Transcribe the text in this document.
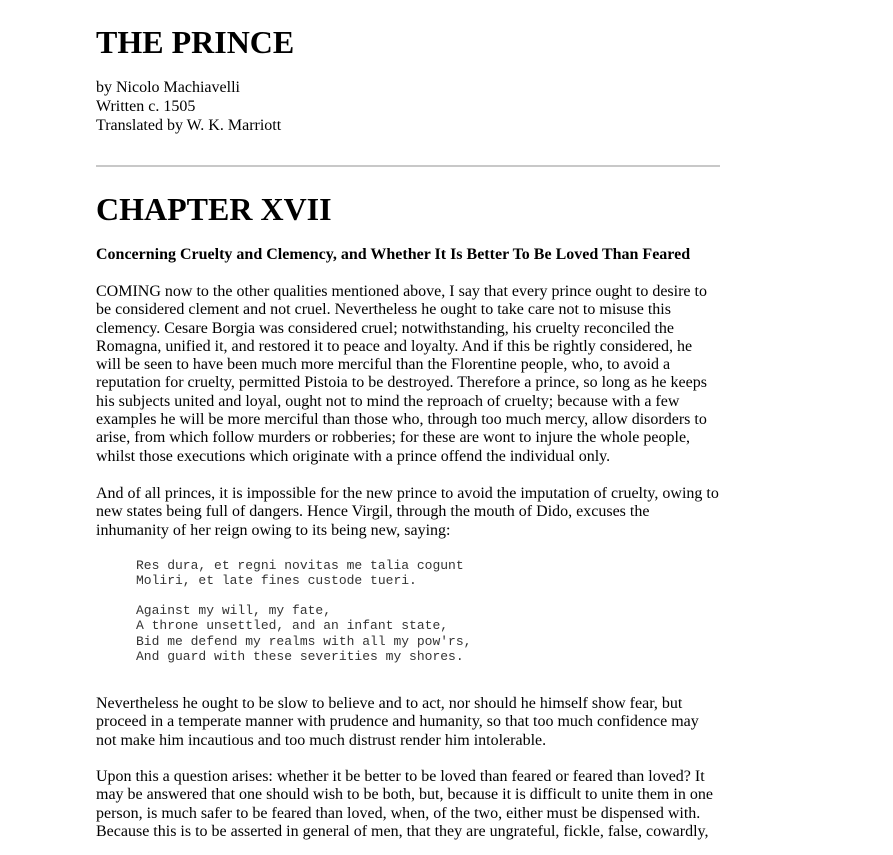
THE PRINCE
by Nicolo Machiavelli
Written c. 1505
Translated by W. K. Marriott
CHAPTER XVII
Concerning Cruelty and Clemency, and Whether It Is Better To Be Loved Than Feared
COMING now to the other qualities mentioned above, I say that every prince ought to desire to
be considered clement and not cruel. Nevertheless he ought to take care not to misuse this
clemency. Cesare Borgia was considered cruel; notwithstanding, his cruelty reconciled the
Romagna, unified it, and restored it to peace and loyalty. And if this be rightly considered, he
will be seen to have been much more merciful than the Florentine people, who, to avoid a
reputation for cruelty, permitted Pistoia to be destroyed. Therefore a prince, so long as he keeps
his subjects united and loyal, ought not to mind the reproach of cruelty; because with a few
examples he will be more merciful than those who, through too much mercy, allow disorders to
arise, from which follow murders or robberies; for these are wont to injure the whole people,
whilst those executions which originate with a prince offend the individual only.
And of all princes, it is impossible for the new prince to avoid the imputation of cruelty, owing to
new states being full of dangers. Hence Virgil, through the mouth of Dido, excuses the
inhumanity of her reign owing to its being new, saying:
Res dura, et regni novitas me talia cogunt
Moliri, et late fines custode tueri.
Against my will, my fate,
A throne unsettled, and an infant state,
Bid me defend my realms with all my pow'rs,
And guard with these severities my shores.
Nevertheless he ought to be slow to believe and to act, nor should he himself show fear, but
proceed in a temperate manner with prudence and humanity, so that too much confidence may
not make him incautious and too much distrust render him intolerable.
Upon this a question arises: whether it be better to be loved than feared or feared than loved? It
may be answered that one should wish to be both, but, because it is difficult to unite them in one
person, is much safer to be feared than loved, when, of the two, either must be dispensed with.
Because this is to be asserted in general of men, that they are ungrateful, fickle, false, cowardly,
